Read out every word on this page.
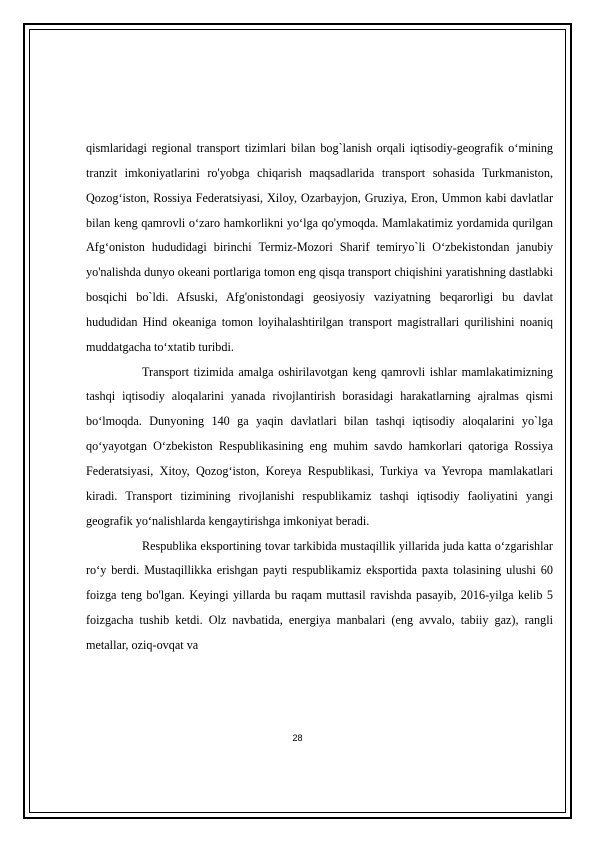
qismlaridagi regional transport tizimlari bilan bog`lanish orqali iqtisodiy-geografik o‘mining tranzit imkoniyatlarini ro'yobga chiqarish maqsadlarida transport sohasida Turkmaniston, Qozog‘iston, Rossiya Federatsiyasi, Xiloy, Ozarbayjon, Gruziya, Eron, Ummon kabi davlatlar bilan keng qamrovli o‘zaro hamkorlikni yo‘lga qo'ymoqda. Mamlakatimiz yordamida qurilgan Afg‘oniston hududidagi birinchi Termiz-Mozori Sharif temiryo`li O‘zbekistondan janubiy yo'nalishda dunyo okeani portlariga tomon eng qisqa transport chiqishini yaratishning dastlabki bosqichi bo`ldi. Afsuski, Afg'onistondagi geosiyosiy vaziyatning beqarorligi bu davlat hududidan Hind okeaniga tomon loyihalashtirilgan transport magistrallari qurilishini noaniq muddatgacha to‘xtatib turibdi.

Transport tizimida amalga oshirilavotgan keng qamrovli ishlar mamlakatimizning tashqi iqtisodiy aloqalarini yanada rivojlantirish borasidagi harakatlarning ajralmas qismi bo‘lmoqda. Dunyoning 140 ga yaqin davlatlari bilan tashqi iqtisodiy aloqalarini yo`lga qo‘yayotgan O‘zbekiston Respublikasining eng muhim savdo hamkorlari qatoriga Rossiya Federatsiyasi, Xitoy, Qozog‘iston, Koreya Respublikasi, Turkiya va Yevropa mamlakatlari kiradi. Transport tizimining rivojlanishi respublikamiz tashqi iqtisodiy faoliyatini yangi geografik yo‘nalishlarda kengaytirishga imkoniyat beradi.

Respublika eksportining tovar tarkibida mustaqillik yillarida juda katta o‘zgarishlar ro‘y berdi. Mustaqillikka erishgan payti respublikamiz eksportida paxta tolasining ulushi 60 foizga teng bo'lgan. Keyingi yillarda bu raqam muttasil ravishda pasayib, 2016-yilga kelib 5 foizgacha tushib ketdi. Olz navbatida, energiya manbalari (eng avvalo, tabiiy gaz), rangli metallar, oziq-ovqat va

28
